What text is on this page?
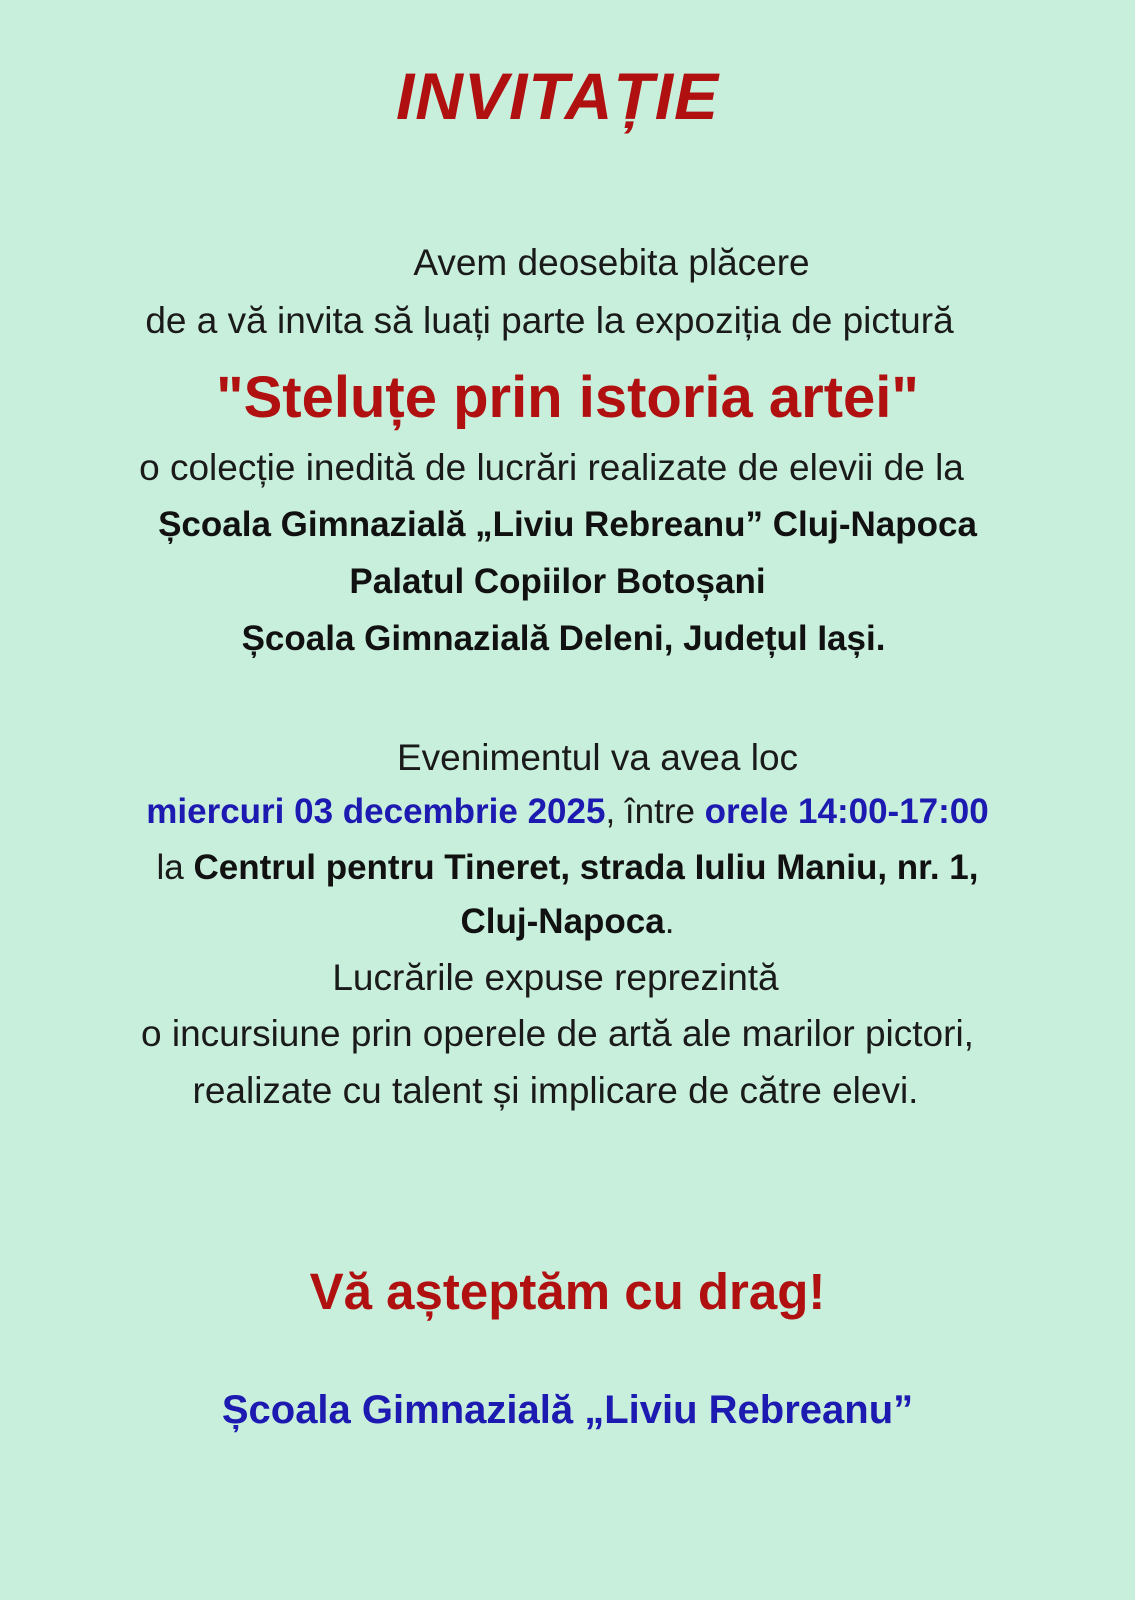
INVITAȚIE
Avem deosebita plăcere
de a vă invita să luați parte la expoziția de pictură
"Steluțe prin istoria artei"
o colecție inedită de lucrări realizate de elevii de la
Școala Gimnazială „Liviu Rebreanu” Cluj-Napoca
Palatul Copiilor Botoșani
Școala Gimnazială Deleni, Județul Iași.
Evenimentul va avea loc
miercuri 03 decembrie 2025, între orele 14:00-17:00
la Centrul pentru Tineret, strada Iuliu Maniu, nr. 1,
Cluj-Napoca.
Lucrările expuse reprezintă
o incursiune prin operele de artă ale marilor pictori,
realizate cu talent și implicare de către elevi.
Vă așteptăm cu drag!
Școala Gimnazială „Liviu Rebreanu”
